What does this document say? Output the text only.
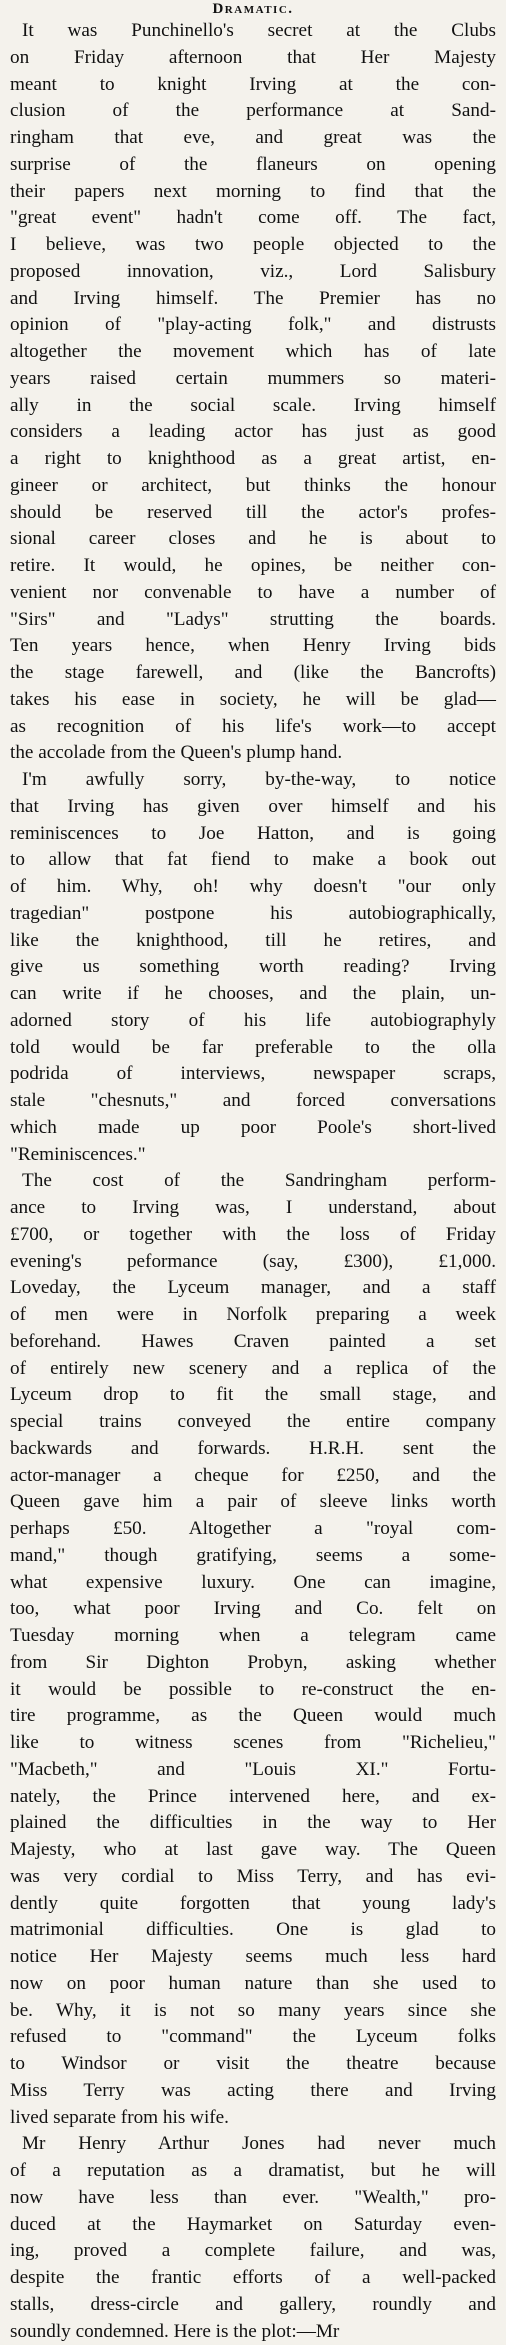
Dramatic.

It was Punchinello's secret at the Clubs
on Friday afternoon that Her Majesty
meant to knight Irving at the con-
clusion of the performance at Sand-
ringham that eve, and great was the
surprise of the flaneurs on opening
their papers next morning to find that the
"great event" hadn't come off. The fact,
I believe, was two people objected to the
proposed innovation, viz., Lord Salisbury
and Irving himself. The Premier has no
opinion of "play-acting folk," and distrusts
altogether the movement which has of late
years raised certain mummers so materi-
ally in the social scale. Irving himself
considers a leading actor has just as good
a right to knighthood as a great artist, en-
gineer or architect, but thinks the honour
should be reserved till the actor's profes-
sional career closes and he is about to
retire. It would, he opines, be neither con-
venient nor convenable to have a number of
"Sirs" and "Ladys" strutting the boards.
Ten years hence, when Henry Irving bids
the stage farewell, and (like the Bancrofts)
takes his ease in society, he will be glad—
as recognition of his life's work—to accept
the accolade from the Queen's plump hand.

I'm awfully sorry, by-the-way, to notice
that Irving has given over himself and his
reminiscences to Joe Hatton, and is going
to allow that fat fiend to make a book out
of him. Why, oh! why doesn't "our only
tragedian" postpone his autobiographically,
like the knighthood, till he retires, and
give us something worth reading? Irving
can write if he chooses, and the plain, un-
adorned story of his life autobiographyly
told would be far preferable to the olla
podrida of interviews, newspaper scraps,
stale "chesnuts," and forced conversations
which made up poor Poole's short-lived
"Reminiscences."

The cost of the Sandringham perform-
ance to Irving was, I understand, about
£700, or together with the loss of Friday
evening's peformance (say, £300), £1,000.
Loveday, the Lyceum manager, and a staff
of men were in Norfolk preparing a week
beforehand. Hawes Craven painted a set
of entirely new scenery and a replica of the
Lyceum drop to fit the small stage, and
special trains conveyed the entire company
backwards and forwards. H.R.H. sent the
actor-manager a cheque for £250, and the
Queen gave him a pair of sleeve links worth
perhaps £50. Altogether a "royal com-
mand," though gratifying, seems a some-
what expensive luxury. One can imagine,
too, what poor Irving and Co. felt on
Tuesday morning when a telegram came
from Sir Dighton Probyn, asking whether
it would be possible to re-construct the en-
tire programme, as the Queen would much
like to witness scenes from "Richelieu,"
"Macbeth," and "Louis XI." Fortu-
nately, the Prince intervened here, and ex-
plained the difficulties in the way to Her
Majesty, who at last gave way. The Queen
was very cordial to Miss Terry, and has evi-
dently quite forgotten that young lady's
matrimonial difficulties. One is glad to
notice Her Majesty seems much less hard
now on poor human nature than she used to
be. Why, it is not so many years since she
refused to "command" the Lyceum folks
to Windsor or visit the theatre because
Miss Terry was acting there and Irving
lived separate from his wife.

Mr Henry Arthur Jones had never much
of a reputation as a dramatist, but he will
now have less than ever. "Wealth," pro-
duced at the Haymarket on Saturday even-
ing, proved a complete failure, and was,
despite the frantic efforts of a well-packed
stalls, dress-circle and gallery, roundly and
soundly condemned. Here is the plot:—Mr
